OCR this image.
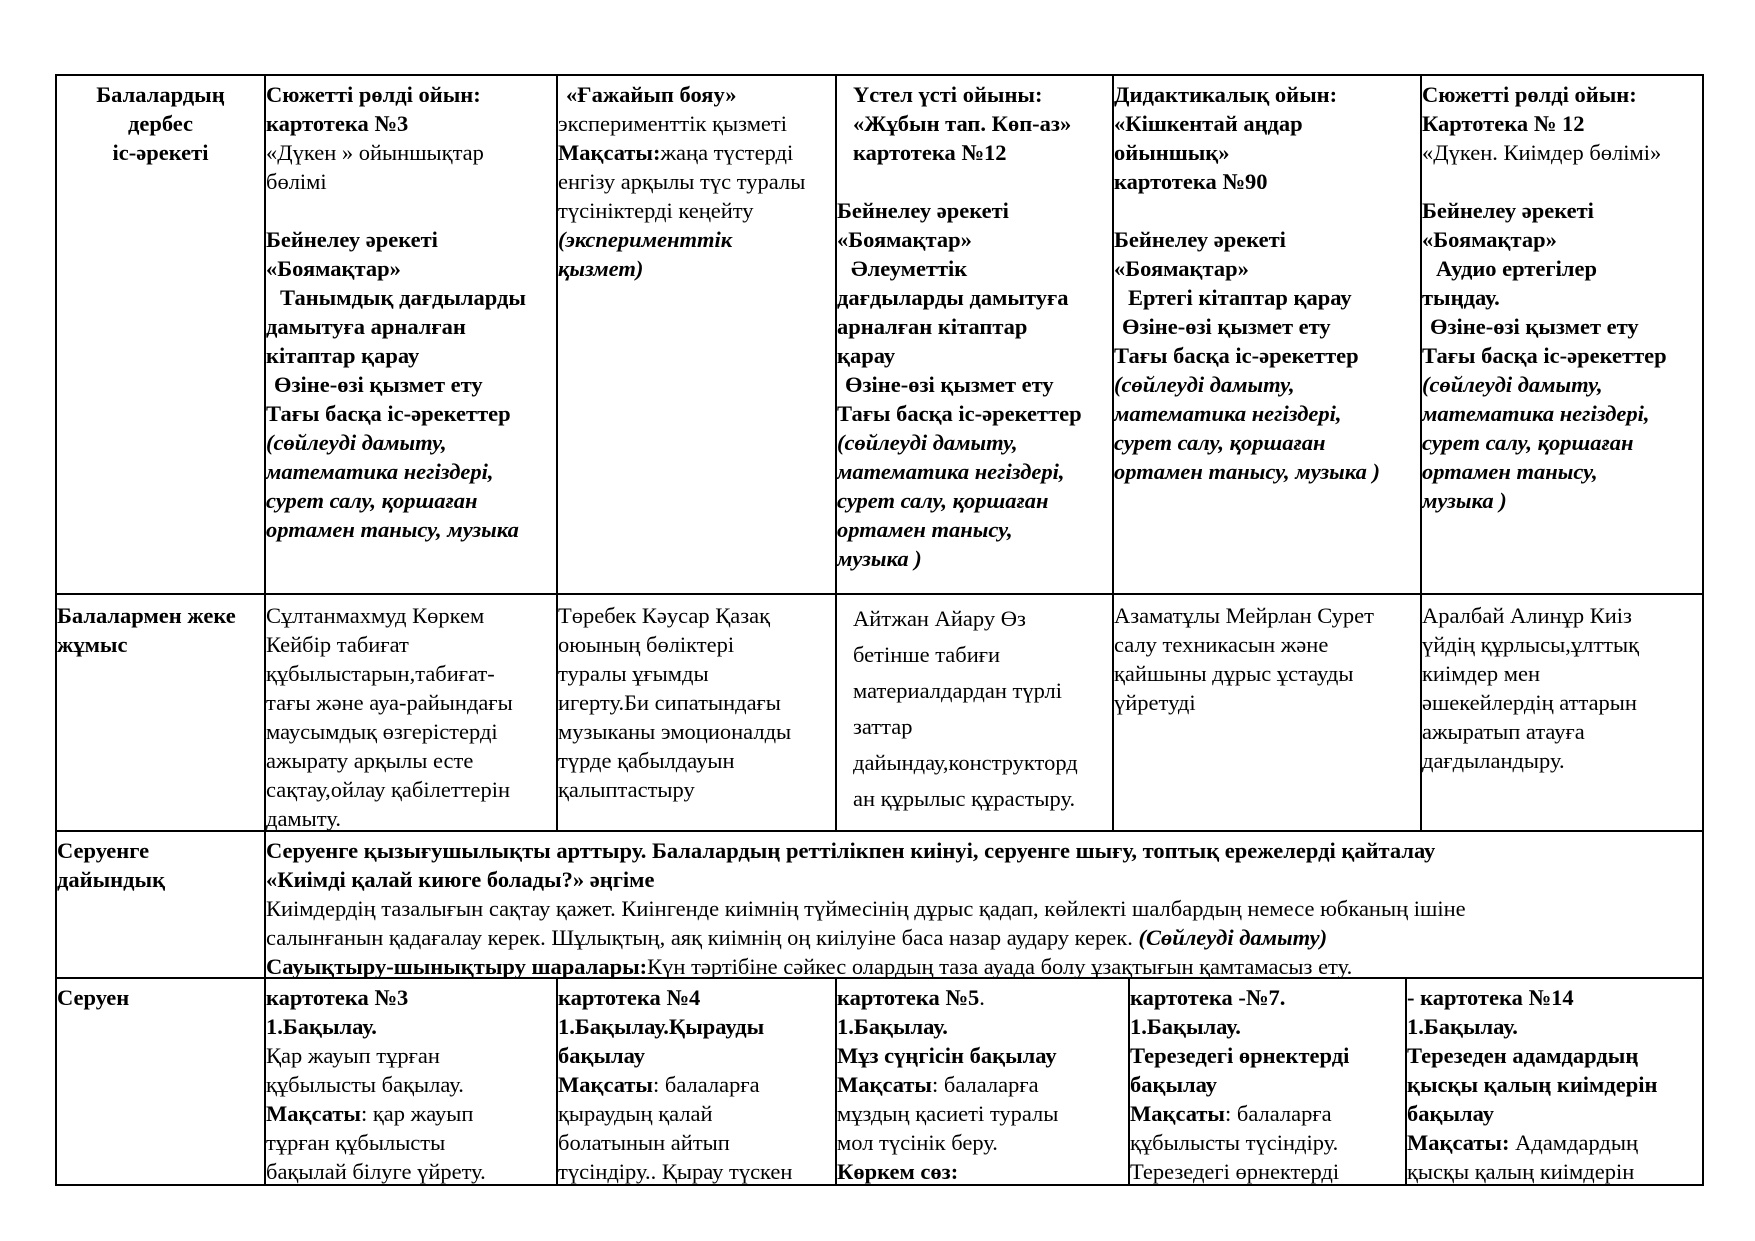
Балалардың
дербес
іс-әрекеті
Сюжетті рөлді ойын:
картотека №3
«Дүкен » ойыншықтар
бөлімі

Бейнелеу әрекеті
«Боямақтар»
Танымдық дағдыларды
дамытуға арналған
кітаптар қарау
Өзіне-өзі қызмет ету
Тағы басқа іс-әрекеттер
(сөйлеуді дамыту,
математика негіздері,
сурет салу, қоршаған
ортамен танысу, музыка
«Ғажайып бояу»
эксперименттік қызметі
Мақсаты:жаңа түстерді
енгізу арқылы түс туралы
түсініктерді кеңейту
(эксперименттік
қызмет)
Үстел үсті ойыны:
«Жұбын тап. Көп-аз»
картотека №12

Бейнелеу әрекеті
«Боямақтар»
Әлеуметтік
дағдыларды дамытуға
арналған кітаптар
қарау
Өзіне-өзі қызмет ету
Тағы басқа іс-әрекеттер
(сөйлеуді дамыту,
математика негіздері,
сурет салу, қоршаған
ортамен танысу,
музыка )
Дидактикалық ойын:
«Кішкентай аңдар
ойыншық»
картотека №90

Бейнелеу әрекеті
«Боямақтар»
Ертегі кітаптар қарау
Өзіне-өзі қызмет ету
Тағы басқа іс-әрекеттер
(сөйлеуді дамыту,
математика негіздері,
сурет салу, қоршаған
ортамен танысу, музыка )
Сюжетті рөлді ойын:
Картотека № 12
«Дүкен. Киімдер бөлімі»

Бейнелеу әрекеті
«Боямақтар»
Аудио ертегілер
тыңдау.
Өзіне-өзі қызмет ету
Тағы басқа іс-әрекеттер
(сөйлеуді дамыту,
математика негіздері,
сурет салу, қоршаған
ортамен танысу,
музыка )
Балалармен жеке
жұмыс
Сұлтанмахмуд Көркем
Кейбір табиғат
құбылыстарын,табиғат-
тағы және ауа-райындағы
маусымдық өзгерістерді
ажырату арқылы есте
сақтау,ойлау қабілеттерін
дамыту.
Төребек Кәусар Қазақ
оюының бөліктері
туралы ұғымды
игерту.Би сипатындағы
музыканы эмоционалды
түрде қабылдауын
қалыптастыру
Айтжан Айару Өз
бетінше табиғи
материалдардан түрлі
заттар
дайындау,конструкторд
ан құрылыс құрастыру.
Азаматұлы Мейрлан Сурет
салу техникасын және
қайшыны дұрыс ұстауды
үйретуді
Аралбай Алинұр Киіз
үйдің құрлысы,ұлттық
киімдер мен
әшекейлердің аттарын
ажыратып атауға
дағдыландыру.
Серуенге
дайындық
Серуенге қызығушылықты арттыру. Балалардың реттілікпен киінуі, серуенге шығу, топтық ережелерді қайталау
«Киімді қалай киюге болады?» әңгіме
Киімдердің тазалығын сақтау қажет. Киінгенде киімнің түймесінің дұрыс қадап, көйлекті шалбардың немесе юбканың ішіне
салынғанын қадағалау керек. Шұлықтың, аяқ киімнің оң киілуіне баса назар аудару керек. (Сөйлеуді дамыту)
Сауықтыру-шынықтыру шаралары:Күн тәртібіне сәйкес олардың таза ауада болу ұзақтығын қамтамасыз ету.
Серуен	картотека №3
1.Бақылау.
Қар жауып тұрған
құбылысты бақылау.
Мақсаты: қар жауып
тұрған құбылысты
бақылай білуге үйрету.
картотека №4
1.Бақылау.Қырауды
бақылау
Мақсаты: балаларға
қыраудың қалай
болатынын айтып
түсіндіру.. Қырау түскен
картотека №5.
1.Бақылау.
Мұз сүңгісін бақылау
Мақсаты: балаларға
мұздың қасиеті туралы
мол түсінік беру.
Көркем сөз:
картотека -№7.
1.Бақылау.
Терезедегі өрнектерді
бақылау
Мақсаты: балаларға
құбылысты түсіндіру.
Терезедегі өрнектерді
- картотека №14
1.Бақылау.
Терезеден адамдардың
қысқы қалың киімдерін
бақылау
Мақсаты: Адамдардың
қысқы қалың киімдерін
